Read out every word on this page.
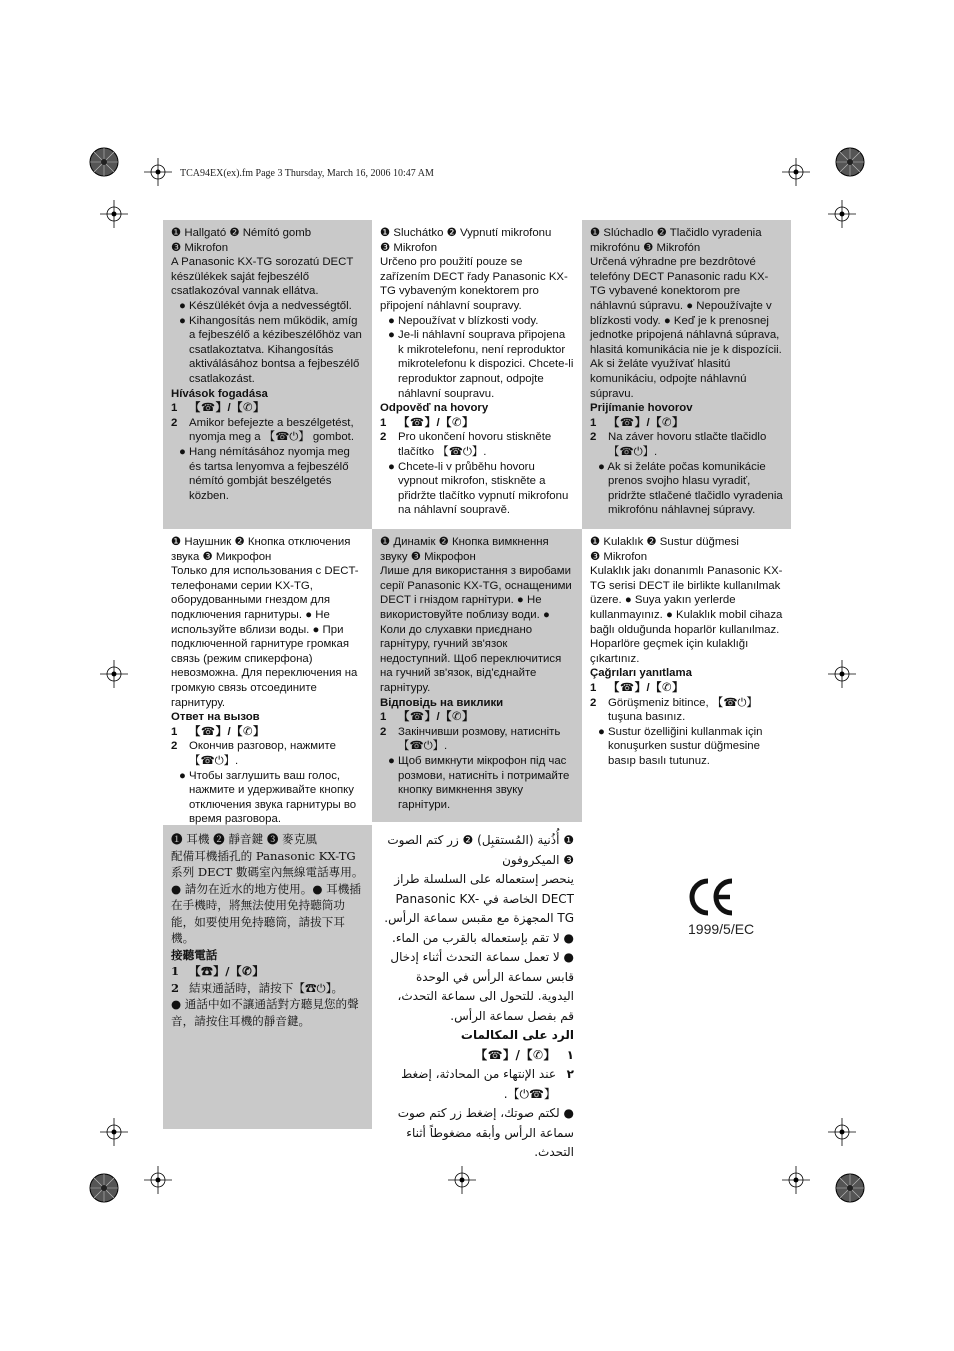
TCA94EX(ex).fm Page 3 Thursday, March 16, 2006 10:47 AM

❶ Hallgató ❷ Némító gomb

❸ Mikrofon

A Panasonic KX-TG sorozatú DECT készülékek saját fejbeszélő csatlakozóval vannak ellátva.

● Készülékét óvja a nedvességtől.

● Kihangosítás nem működik, amíg a fejbeszélő a kézibeszélőhöz van csatlakoztatva. Kihangosítás aktiválásához bontsa a fejbeszélő csatlakozást.

Hívások fogadása

1	【☎】/【✆】
2	Amikor befejezte a beszélgetést, nyomja meg a 【☎⏻】 gombot.

● Hang némításához nyomja meg és tartsa lenyomva a fejbeszélő némító gombját beszélgetés közben.

❶ Sluchátko ❷ Vypnutí mikrofonu

❸ Mikrofon

Určeno pro použití pouze se zařízením DECT řady Panasonic KX-TG vybaveným konektorem pro připojení náhlavní soupravy.

● Nepoužívat v blízkosti vody.

● Je-li náhlavní souprava připojena k mikrotelefonu, není reproduktor mikrotelefonu k dispozici. Chcete-li reproduktor zapnout, odpojte náhlavní soupravu.

Odpověď na hovory

1	【☎】/【✆】
2	Pro ukončení hovoru stiskněte tlačítko 【☎⏻】.

● Chcete-li v průběhu hovoru vypnout mikrofon, stiskněte a přidržte tlačítko vypnutí mikrofonu na náhlavní soupravě.

❶ Slúchadlo ❷ Tlačidlo vyradenia

mikrofónu ❸ Mikrofón

Určená výhradne pre bezdrôtové telefóny DECT Panasonic radu KX-TG vybavené konektorom pre náhlavnú súpravu. ● Nepoužívajte v blízkosti vody. ● Keď je k prenosnej jednotke pripojená náhlavná súprava, hlasitá komunikácia nie je k dispozícii. Ak si želáte využívať hlasitú komunikáciu, odpojte náhlavnú súpravu.

Prijímanie hovorov

1	【☎】/【✆】
2	Na záver hovoru stlačte tlačidlo 【☎⏻】.

● Ak si želáte počas komunikácie prenos svojho hlasu vyradiť, pridržte stlačené tlačidlo vyradenia mikrofónu náhlavnej súpravy.

❶ Наушник ❷ Кнопка отключения

звука ❸ Микрофон

Только для использования с DECT-телефонами серии KX-TG, оборудованными гнездом для подключения гарнитуры. ● Не используйте вблизи воды. ● При подключенной гарнитуре громкая связь (режим спикерфона) невозможна. Для переключения на громкую связь отсоедините гарнитуру.

Ответ на вызов

1	【☎】/【✆】
2	Окончив разговор, нажмите 【☎⏻】.

● Чтобы заглушить ваш голос, нажмите и удерживайте кнопку отключения звука гарнитуры во время разговора.

❶ Динамік ❷ Кнопка вимкнення

звуку ❸ Мікрофон

Лише для використання з виробами серії Panasonic KX-TG, оснащеними DECT і гніздом гарнітури. ● Не використовуйте поблизу води. ● Коли до слухавки приєднано гарнітуру, гучний зв'язок недоступний. Щоб переключитися на гучний зв'язок, від'єднайте гарнітуру.

Відповідь на виклики

1	【☎】/【✆】
2	Закінчивши розмову, натисніть 【☎⏻】.

● Щоб вимкнути мікрофон під час розмови, натисніть і потримайте кнопку вимкнення звуку гарнітури.

❶ Kulaklık ❷ Sustur düğmesi

❸ Mikrofon

Kulaklık jakı donanımlı Panasonic KX-TG serisi DECT ile birlikte kullanılmak üzere. ● Suya yakın yerlerde kullanmayınız. ● Kulaklık mobil cihaza bağlı olduğunda hoparlör kullanılmaz. Hoparlöre geçmek için kulaklığı çıkartınız.

Çağrıları yanıtlama

1	【☎】/【✆】
2	Görüşmeniz bitince, 【☎⏻】 tuşuna basınız.

● Sustur özelliğini kullanmak için konuşurken sustur düğmesine basıp basılı tutunuz.

❶ 耳機 ❷ 靜音鍵 ❸ 麥克風

配備耳機插孔的 Panasonic KX-TG 系列 DECT 數碼室內無線電話專用。● 請勿在近水的地方使用。● 耳機插在手機時，將無法使用免持聽筒功能，如要使用免持聽筒，請拔下耳機。

接聽電話

1 【☎】/【✆】
2 結束通話時，請按下【☎⏻】。

● 通話中如不讓通話對方聽見您的聲音，請按住耳機的靜音鍵。

❶ أُذُنية (المُستقبِل) ❷ زر كتم الصوت

❸ الميكروفون

ينحصر إستعماله على السلسلة طراز DECT الخاصة في Panasonic KX-TG المجهزة مع مقبس سماعة الرأس. ● لا تقم بإستعماله بالقرب من الماء. ● لا تعمل سماعة التحدث أثناء إدخال قابس سماعة الرأس في الوحدة اليدوية. للتحول الى سماعة التحدث، قم بفصل سماعة الرأس.

الرد على المكالمات

١
【✆】/【☎】
٢
عند الإنتهاء من المحادثة، إضغط 【☎⏻】.

● لكتم صوتك، إضغط زر كتم صوت سماعة الرأس وأبقه مضغوطاً أثناء التحدث.

1999/5/EC
